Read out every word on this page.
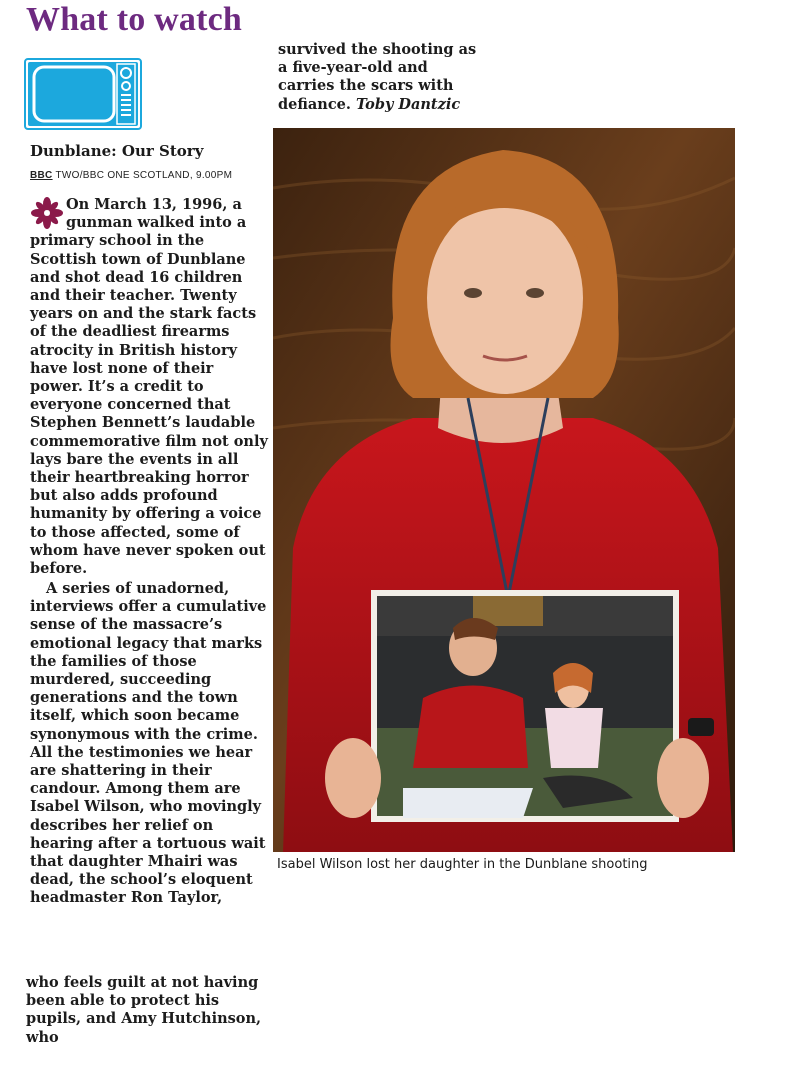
What to watch
Dunblane: Our Story
BBC TWO/BBC ONE SCOTLAND, 9.00PM
On March 13, 1996, a gunman walked into a primary school in the Scottish town of Dunblane and shot dead 16 children and their teacher. Twenty years on and the stark facts of the deadliest firearms atrocity in British history have lost none of their power. It’s a credit to everyone concerned that Stephen Bennett’s laudable commemorative film not only lays bare the events in all their heartbreaking horror but also adds profound humanity by offering a voice to those affected, some of whom have never spoken out before.
A series of unadorned, interviews offer a cumulative sense of the massacre’s emotional legacy that marks the families of those murdered, succeeding generations and the town itself, which soon became synonymous with the crime. All the testimonies we hear are shattering in their candour. Among them are Isabel Wilson, who movingly describes her relief on hearing after a tortuous wait that daughter Mhairi was dead, the school’s eloquent headmaster Ron Taylor,
who feels guilt at not having been able to protect his pupils, and Amy Hutchinson, who
survived the shooting as a five-year-old and carries the scars with defiance. Toby Dantzic
Isabel Wilson lost her daughter in the Dunblane shooting
